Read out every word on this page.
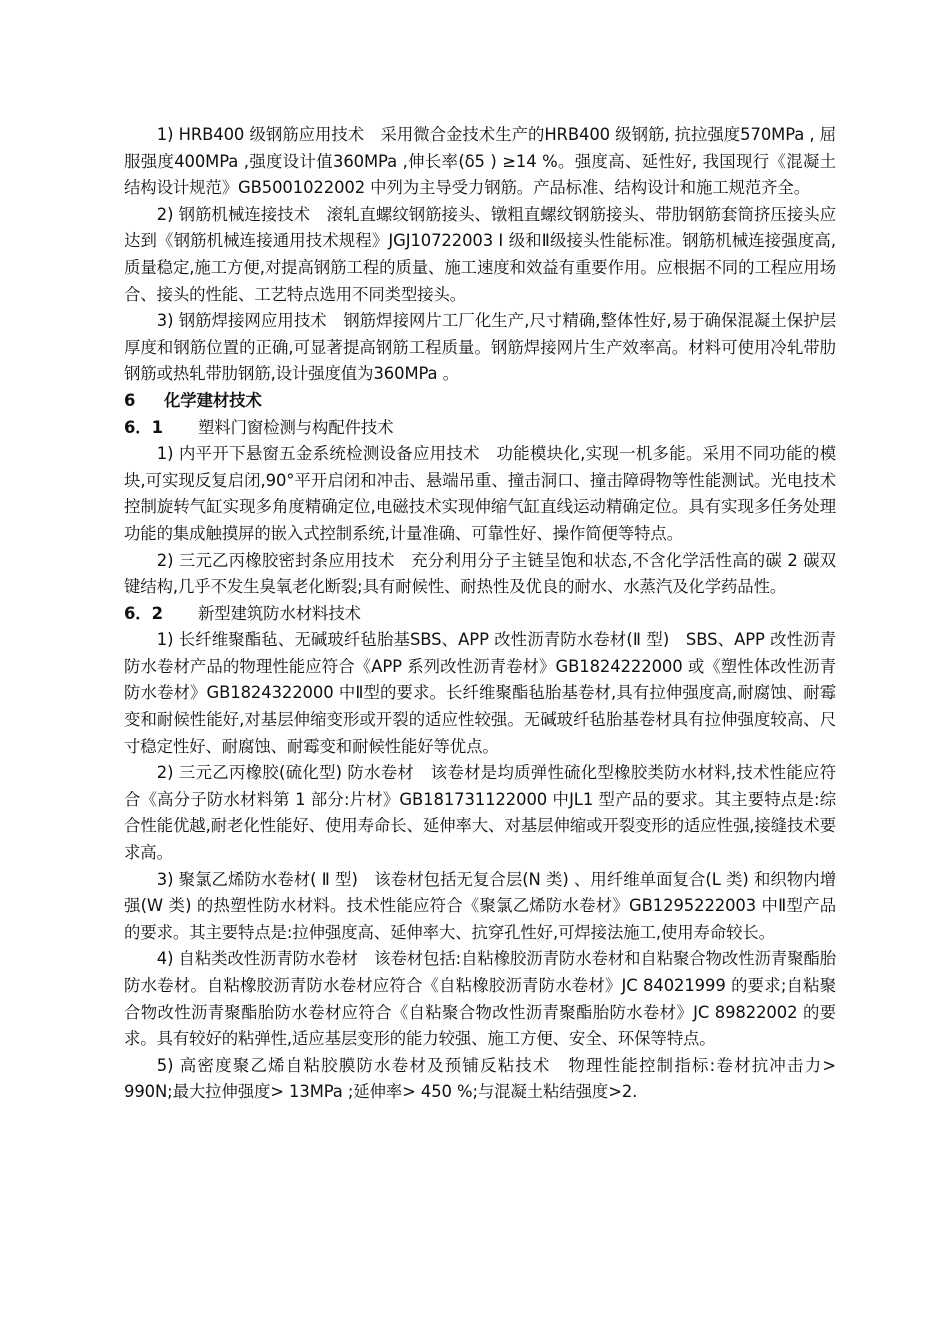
1) HRB400 级钢筋应用技术　采用微合金技术生产的HRB400 级钢筋, 抗拉强度570MPa , 屈服强度400MPa ,强度设计值360MPa ,伸长率(δ5 ) ≥14 %。强度高、延性好, 我国现行《混凝土结构设计规范》GB5001022002 中列为主导受力钢筋。产品标准、结构设计和施工规范齐全。

2) 钢筋机械连接技术　滚轧直螺纹钢筋接头、镦粗直螺纹钢筋接头、带肋钢筋套筒挤压接头应达到《钢筋机械连接通用技术规程》JGJ10722003 Ⅰ 级和Ⅱ级接头性能标准。钢筋机械连接强度高,质量稳定,施工方便,对提高钢筋工程的质量、施工速度和效益有重要作用。应根据不同的工程应用场合、接头的性能、工艺特点选用不同类型接头。

3) 钢筋焊接网应用技术　钢筋焊接网片工厂化生产,尺寸精确,整体性好,易于确保混凝土保护层厚度和钢筋位置的正确,可显著提高钢筋工程质量。钢筋焊接网片生产效率高。材料可使用冷轧带肋钢筋或热轧带肋钢筋,设计强度值为360MPa 。

6 化学建材技术

6．1 塑料门窗检测与构配件技术

1) 内平开下悬窗五金系统检测设备应用技术　功能模块化,实现一机多能。采用不同功能的模块,可实现反复启闭,90°平开启闭和冲击、悬端吊重、撞击洞口、撞击障碍物等性能测试。光电技术控制旋转气缸实现多角度精确定位,电磁技术实现伸缩气缸直线运动精确定位。具有实现多任务处理功能的集成触摸屏的嵌入式控制系统,计量准确、可靠性好、操作简便等特点。

2) 三元乙丙橡胶密封条应用技术　充分利用分子主链呈饱和状态,不含化学活性高的碳 2 碳双键结构,几乎不发生臭氧老化断裂;具有耐候性、耐热性及优良的耐水、水蒸汽及化学药品性。

6．2 新型建筑防水材料技术

1) 长纤维聚酯毡、无碱玻纤毡胎基SBS、APP 改性沥青防水卷材(Ⅱ 型)　SBS、APP 改性沥青防水卷材产品的物理性能应符合《APP 系列改性沥青卷材》GB1824222000 或《塑性体改性沥青防水卷材》GB1824322000 中Ⅱ型的要求。长纤维聚酯毡胎基卷材,具有拉伸强度高,耐腐蚀、耐霉变和耐候性能好,对基层伸缩变形或开裂的适应性较强。无碱玻纤毡胎基卷材具有拉伸强度较高、尺寸稳定性好、耐腐蚀、耐霉变和耐候性能好等优点。

2) 三元乙丙橡胶(硫化型) 防水卷材　该卷材是均质弹性硫化型橡胶类防水材料,技术性能应符合《高分子防水材料第 1 部分:片材》GB181731122000 中JL1 型产品的要求。其主要特点是:综合性能优越,耐老化性能好、使用寿命长、延伸率大、对基层伸缩或开裂变形的适应性强,接缝技术要求高。

3) 聚氯乙烯防水卷材( Ⅱ 型)　该卷材包括无复合层(N 类) 、用纤维单面复合(L 类) 和织物内增强(W 类) 的热塑性防水材料。技术性能应符合《聚氯乙烯防水卷材》GB1295222003 中Ⅱ型产品的要求。其主要特点是:拉伸强度高、延伸率大、抗穿孔性好,可焊接法施工,使用寿命较长。

4) 自粘类改性沥青防水卷材　该卷材包括:自粘橡胶沥青防水卷材和自粘聚合物改性沥青聚酯胎防水卷材。自粘橡胶沥青防水卷材应符合《自粘橡胶沥青防水卷材》JC 84021999 的要求;自粘聚合物改性沥青聚酯胎防水卷材应符合《自粘聚合物改性沥青聚酯胎防水卷材》JC 89822002 的要求。具有较好的粘弹性,适应基层变形的能力较强、施工方便、安全、环保等特点。

5) 高密度聚乙烯自粘胶膜防水卷材及预铺反粘技术　物理性能控制指标:卷材抗冲击力> 990N;最大拉伸强度> 13MPa ;延伸率> 450 %;与混凝土粘结强度>2.
